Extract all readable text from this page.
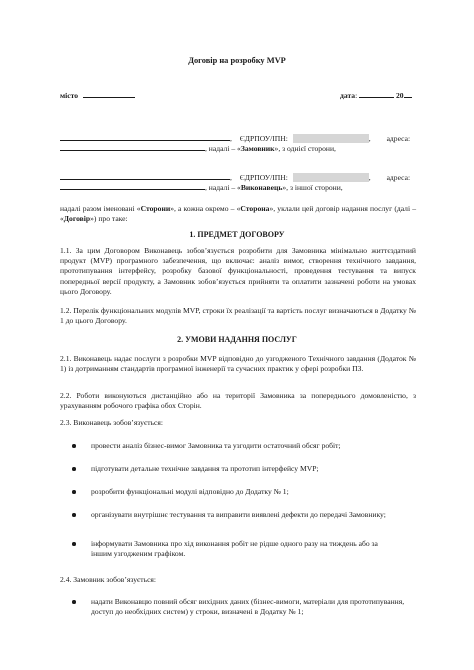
Договір на розробку MVP
місто	дата:	20
, ЄДРПОУ/ІПН:	, адреса:
, надалі – «Замовник», з однієї сторони,
, ЄДРПОУ/ІПН:	, адреса:
, надалі – «Виконавець», з іншої сторони,
надалі разом іменовані «Сторони», а кожна окремо – «Сторона», уклали цей договір надання послуг (далі – «Договір») про таке:
1. ПРЕДМЕТ ДОГОВОРУ
1.1. За цим Договором Виконавець зобов’язується розробити для Замовника мінімально життєздатний продукт (MVP) програмного забезпечення, що включає: аналіз вимог, створення технічного завдання, прототипування інтерфейсу, розробку базової функціональності, проведення тестування та випуск попередньої версії продукту, а Замовник зобов’язується прийняти та оплатити зазначені роботи на умовах цього Договору.
1.2. Перелік функціональних модулів MVP, строки їх реалізації та вартість послуг визначаються в Додатку № 1 до цього Договору.
2. УМОВИ НАДАННЯ ПОСЛУГ
2.1. Виконавець надає послуги з розробки MVP відповідно до узгодженого Технічного завдання (Додаток № 1) із дотриманням стандартів програмної інженерії та сучасних практик у сфері розробки ПЗ.
2.2. Роботи виконуються дистанційно або на території Замовника за попереднього домовленістю, з урахуванням робочого графіка обох Сторін.
2.3. Виконавець зобов’язується:
провести аналіз бізнес-вимог Замовника та узгодити остаточний обсяг робіт;
підготувати детальне технічне завдання та прототип інтерфейсу MVP;
розробити функціональні модулі відповідно до Додатку № 1;
організувати внутрішнє тестування та виправити виявлені дефекти до передачі Замовнику;
інформувати Замовника про хід виконання робіт не рідше одного разу на тиждень або за іншим узгодженим графіком.
2.4. Замовник зобов’язується:
надати Виконавцю повний обсяг вихідних даних (бізнес-вимоги, матеріали для прототипування, доступ до необхідних систем) у строки, визначені в Додатку № 1;
